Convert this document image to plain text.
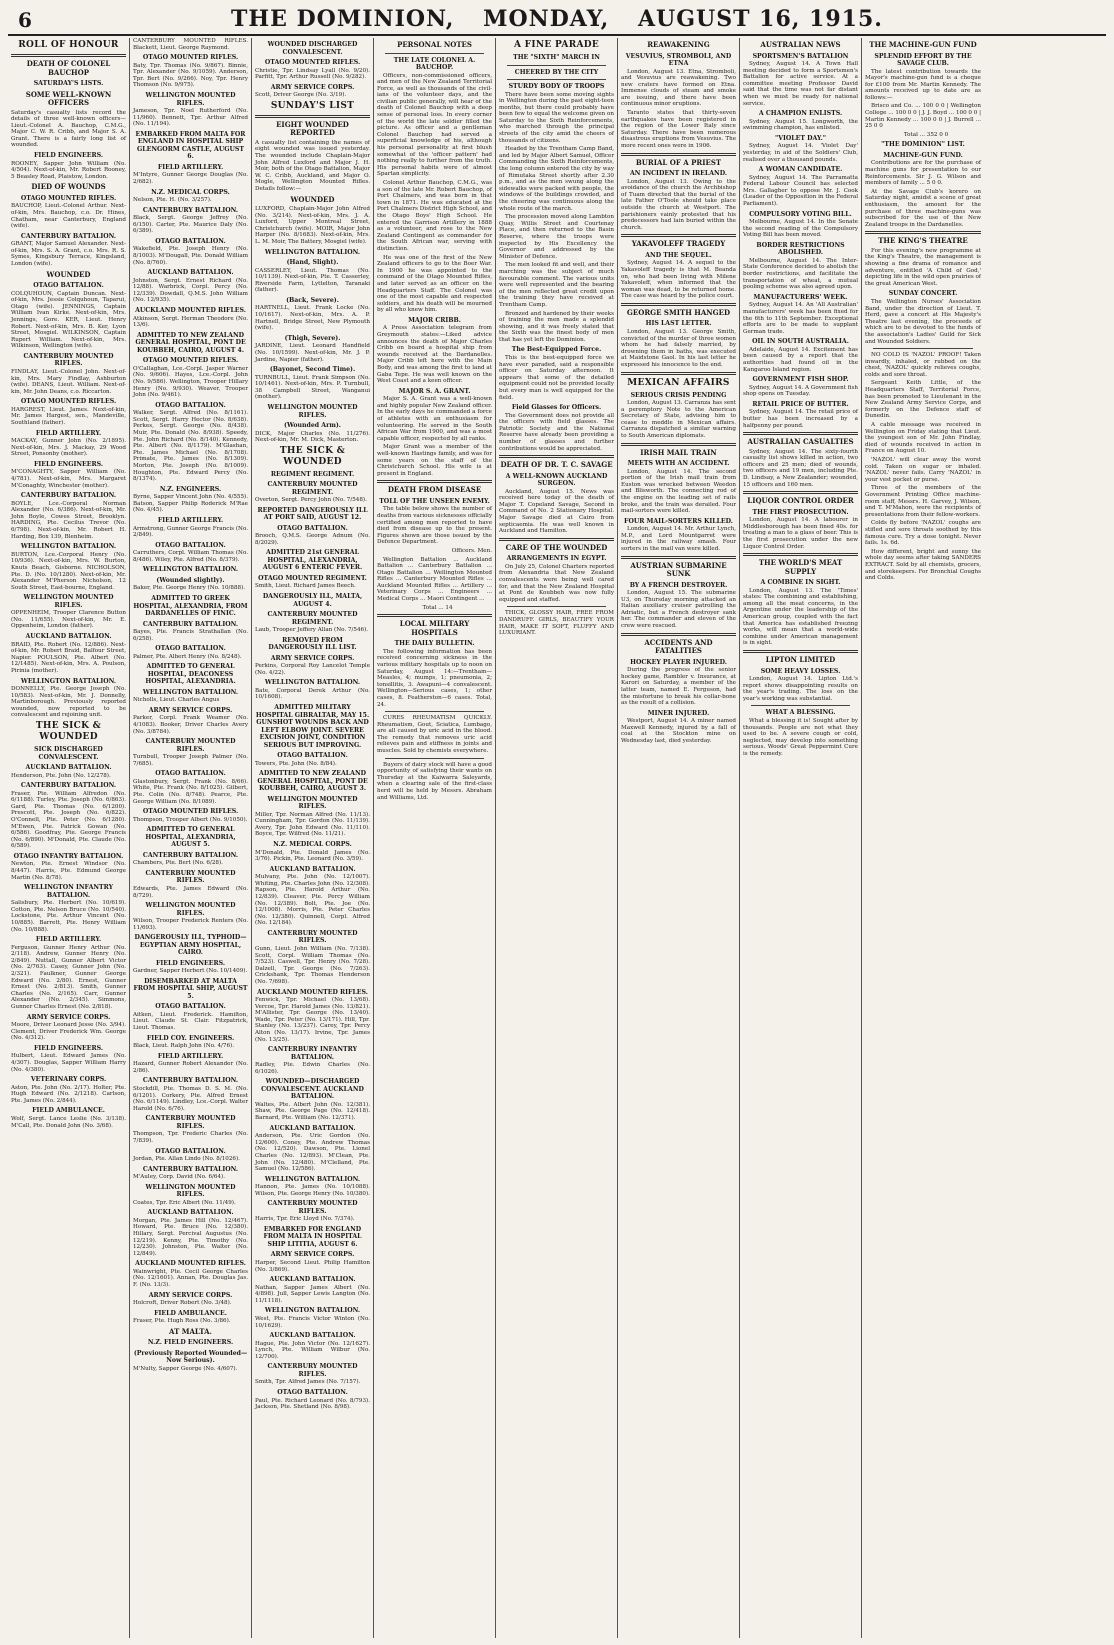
6	THE DOMINION, MONDAY, AUGUST 16, 1915.
ROLL OF HONOUR
DEATH OF COLONEL BAUCHOP
SATURDAY'S LISTS.
SOME WELL-KNOWN OFFICERS

Saturday's casualty lists record the details of three well-known officers—Lieut.-Colonel A. Bauchop, C.M.G., Major C. W. R. Cribb, and Major S. A. Grant. There is a fairly long list of wounded.

FIELD ENGINEERS.

ROONEY, Sapper John William (No. 4/504). Next-of-kin, Mr. Robert Rooney, 5 Beasley Road, Plaistow, London.

DIED OF WOUNDS
OTAGO MOUNTED RIFLES.

BAUCHOP, Lieut.-Colonel Arthur. Next-of-kin, Mrs. Bauchop, c.o. Dr. Hines, Chatham, near Canterbury, England (wife).

CANTERBURY BATTALION.

GRANT, Major Samuel Alexander. Next-of-kin, Mrs. S. A. Grant, c.o. Mrs. R. S. Symes, Kingsbury Terrace, Kingsland, London (wife).

WOUNDED
OTAGO BATTALION.

COLQUHOUN, Captain Duncan. Next-of-kin, Mrs. Jessie Colquhoun, Taparui, Otago (wife). JENNINGS, Captain William Ivan Kirke. Next-of-kin, Mrs. Jennings, Gore. KER, Lieut. Henry Robert. Next-of-kin, Mrs. B. Ker, Lyon Street, Mosgiel. WILKINSON, Captain Rupert William. Next-of-kin, Mrs. Wilkinson, Wellington (wife).

CANTERBURY MOUNTED RIFLES.

FINDLAY, Lieut.-Colonel John. Next-of-kin, Mrs. Mary Findlay, Ashburton (wife). DEANS, Lieut. William. Next-of-kin, Mr. John Deans, c.o. Riccarton.

OTAGO MOUNTED RIFLES.

HARGREST, Lieut. James. Next-of-kin, Mr. James Hargest, sen., Mandeville, Southland (father).

FIELD ARTILLERY.

MACKAY, Gunner John (No. 2/1895). Next-of-kin, Mrs. J. Mackay, 29 Wood Street, Ponsonby (mother).

FIELD ENGINEERS.

M'CONAGHTY, Sapper William (No. 4/781). Next-of-kin, Mrs. Margaret M'Conaghty, Winchester (mother).

CANTERBURY BATTALION.

BOYLE, Lce.-Corporal Norman Alexander (No. 6/386). Next-of-kin, Mr. John Boyle, Cowes Street, Brooklyn. HARDING, Pte. Cecilus Trevor (No. 6/798). Next-of-kin, Mr. Robert H. Harding, Box 139, Blenheim.

WELLINGTON BATTALION.

BURTON, Lce.-Corporal Henry (No. 10/936). Next-of-kin, Mrs. W. Burton, Knuts Beach, Gisborne. NICHOLSON, Pte. D. (No. 10/1280). Next-of-kin, Mr. Alexander M'Pherson Nicholson, 12 South Street, East-bourne, England.

WELLINGTON MOUNTED RIFLES.

OPPENHEIM, Trooper Clarence Button (No. 11/655). Next-of-kin, Mr. E. Oppenheim, London (father).

AUCKLAND BATTALION.

BRAID, Pte. Robert (No. 12/886). Next-of-kin, Mr. Robert Braid, Balfour Street, Napier. POULSON, Pte. Albert (No. 12/1485). Next-of-kin, Mrs. A. Poulson, Pirinia (mother).

WELLINGTON BATTALION.

DONNELLY, Pte. George Joseph (No. 10/583). Next-of-kin, Mr. J. Donnelly, Martinborough. Previously reported wounded, now reported to be convalescent and rejoining unit.

THE SICK & WOUNDED
SICK DISCHARGED CONVALESCENT.
AUCKLAND BATTALION.

Henderson, Pte. John (No. 12/278).

CANTERBURY BATTALION.

Fraser, Pte. William Alfredon (No. 6/1188). Turley, Pte. Joseph (No. 6/863). Gard, Pte. Thomas (No. 6/1200). Prescott, Pte. Joseph (No. 6/822). O'Connell, Pte. Peter (No. 6/1280). M'Ewen, Pte. Patrick Gowan (No. 6/586). Goodfray, Pte. George Francis (No. 6/890). M'Donald, Pte. Claude (No. 6/589).

OTAGO INFANTRY BATTALION.

Newton, Pte. Ernest Windsor (No. 8/447). Harris, Pte. Edmund George Martin (No. 8/78).

WELLINGTON INFANTRY BATTALION.

Salisbury, Pte. Herbert (No. 10/619). Cotton, Pte. Nelson Bruce (No. 10/540). Lockstone, Pte. Arthur Vincent (No. 10/885). Barrett, Pte. Henry William (No. 10/888).

FIELD ARTILLERY.

Ferguson, Gunner Henry Arthur (No. 2/118). Andrew, Gunner Henry (No. 2/849). Nuttall, Gunner Albert Victor (No. 2/763). Casey, Gunner John (No. 2/321). Faulkner, Gunner George Edward (No. 2/80). Ernest, Gunner Ernest (No. 2/813). Smith, Gunner Charles (No. 2/165). Carr, Gunner Alexander (No. 2/345). Simmons, Gunner Charles Ernest (No. 2/818).

ARMY SERVICE CORPS.

Moore, Driver Leonard Jesse (No. 3/94). Clement, Driver Frederick Wm. George (No. 4/312).

FIELD ENGINEERS.

Hulbert, Lieut. Edward James (No. 4/307). Douglas, Sapper William Harry (No. 4/380).

VETERINARY CORPS.

Aston, Pte. John (No. 2/17). Holter, Pte. Hugh Edward (No. 2/1218). Carlson, Pte. James (No. 2/844).

FIELD AMBULANCE.

Wolf, Sergt. Lance Leslie (No. 3/138). M'Call, Pte. Donald John (No. 3/68).

CANTERBURY MOUNTED RIFLES. Blackett, Lieut. George Raymond.

OTAGO MOUNTED RIFLES.

Baty, Tpr. Thomas (No. 9/867). Binnie, Tpr. Alexander (No. 9/1059). Anderson, Tpr. Bert (No. 9/266). Noy, Tpr. Henry Thomson (No. 9/975).

WELLINGTON MOUNTED RIFLES.

Jameson, Tpr. Noel Rutherford (No. 11/960). Bennett, Tpr. Arthur Alfred (No. 11/194).

EMBARKED FROM MALTA FOR ENGLAND IN HOSPITAL SHIP GLENGORM CASTLE, AUGUST 6.
FIELD ARTILLERY.

M'Intyre, Gunner George Douglas (No. 2/682).

N.Z. MEDICAL CORPS.

Nelson, Pte. H. (No. 3/257).

CANTERBURY BATTALION.

Black, Sergt. George Jeffrey (No. 6/150). Carter, Pte. Maurice Daly (No. 6/389).

OTAGO BATTALION.

Wakefield, Pte. Joseph Henry (No. 8/1003). M'Dougall, Pte. Donald William (No. 8/760).

AUCKLAND BATTALION.

Johnston, Sergt. Ernest Richard (No. 12/88). Warbrick, Corpl. Percy (No. 12/339). Dowdall, Q.M.S. John William (No. 12/935).

AUCKLAND MOUNTED RIFLES.

Atkinson, Sergt. Herman Theodore (No. 13/6).

ADMITTED TO NEW ZEALAND GENERAL HOSPITAL, PONT DE KOUBBEH, CAIRO, AUGUST 4.
OTAGO MOUNTED RIFLES.

O'Callaghan, Lce.-Corpl. Jasper Warner (No. 9/606). Hayes, Lce.-Corpl. John (No. 9/586). Wellington, Trooper Hillary Henry (No. 9/930). Weaver, Trooper John (No. 9/461).

OTAGO BATTALION.

Walker, Sergt. Alfred (No. 8/1161). Scott, Sergt. Harry Hector (No. 8/638). Perkes, Sergt. George (No. 8/438). Muir, Pte. Donald (No. 8/938). Speedy, Pte. John Richard (No. 8/140). Kennedy, Pte. Albert (No. 8/1179). M'Glashan, Pte. James Michael (No. 8/1708). Primate, Pte. James (No. 8/1309). Morton, Pte. Joseph (No. 8/1009). Houghton, Pte. Edward Percy (No. 8/1374).

N.Z. ENGINEERS.

Byrne, Sapper Vincent John (No. 4/555). Batson, Sapper Philip Roderick M'Rae (No. 4/45).

FIELD ARTILLERY.

Armstrong, Gunner George Francis (No. 2/849).

OTAGO BATTALION.

Carruthers, Corpl. William Thomas (No. 8/486). Wiley, Pte. Alfred (No. 8/379).

WELLINGTON BATTALION.
(Wounded slightly).

Baker, Pte. George Henry (No. 10/888).

ADMITTED TO GREEK HOSPITAL, ALEXANDRIA, FROM DARDANELLES OF FINIC.
CANTERBURY BATTALION.

Bayes, Pte. Francis Strathallan (No. 6/258).

OTAGO BATTALION.

Palmer, Pte. Albert Henry (No. 8/248).

ADMITTED TO GENERAL HOSPITAL, DEACONESS HOSPITAL, ALEXANDRIA.
WELLINGTON BATTALION.

Nicholls, Lieut. Charles Angus

ARMY SERVICE CORPS.

Parker, Corpl. Frank Weamer (No. 4/1083). Booker, Driver Charles Avery (No. 3/8784).

CANTERBURY MOUNTED RIFLES.

Turnbull, Trooper Joseph Palmer (No. 7/685).

OTAGO BATTALION.

Glastonbury, Sergt. Frank (No. 8/66). White, Pte. Frank (No. 8/1025). Gilbert, Pte. Colin (No. 8/748). Pearce, Pte. George William (No. 8/1089).

OTAGO MOUNTED RIFLES.

Thompson, Trooper Albert (No. 9/1050).

ADMITTED TO GENERAL HOSPITAL, ALEXANDRIA, AUGUST 5.
CANTERBURY BATTALION.

Chambers, Pte. Bert (No. 6/28).

CANTERBURY MOUNTED RIFLES.

Edwards, Pte. James Edward (No. 8/729).

WELLINGTON MOUNTED RIFLES.

Wilson, Trooper Frederick Renters (No. 11/693).

DANGEROUSLY ILL, TYPHOID—EGYPTIAN ARMY HOSPITAL, CAIRO.
FIELD ENGINEERS.

Gardner, Sapper Herbert (No. 10/1409).

DISEMBARKED AT MALTA FROM HOSPITAL SHIP, AUGUST 5.
OTAGO BATTALION.

Aitken, Lieut. Frederick. Hamilton, Lieut. Claude St. Clair. Fitzpatrick, Lieut. Thomas.

FIELD COY. ENGINEERS.

Black, Lieut. Ralph John (No. 4/76).

FIELD ARTILLERY.

Hazard, Gunner Robert Alexander (No. 2/86).

CANTERBURY BATTALION.

Stockdill, Pte. Thomas D. S. M. (No. 6/1201). Corkery, Pte. Alfred Ernest (No. 6/1149). Lindley, Lce.-Corpl. Walter Harold (No. 6/76).

CANTERBURY MOUNTED RIFLES.

Thompson, Tpr. Frederic Charles (No. 7/839).

OTAGO BATTALION.

Jordan, Pte. Allan Lindo (No. 8/1026).

CANTERBURY BATTALION.

M'Auley, Corp. David (No. 6/64).

WELLINGTON MOUNTED RIFLES.

Coates, Tpr. Eric Albert (No. 11/49).

AUCKLAND BATTALION.

Morgan, Pte. James Hill (No. 12/467). Howard, Pte. Bruce (No. 12/380). Hillary, Sergt. Percival Augustus (No. 12/219). Kenny, Pte. Timothy (No. 12/230). Johnston, Pte. Walter (No. 12/849).

AUCKLAND MOUNTED RIFLES.

Wainwright, Pte. Cecil George Charles (No. 12/1601). Annan, Pte. Douglas Jas. F. (No. 13/3).

ARMY SERVICE CORPS.

Holcroft, Driver Robert (No. 3/48).

FIELD AMBULANCE.

Fraser, Pte. Hugh Ross (No. 3/86).

AT MALTA.
N.Z. FIELD ENGINEERS.
(Previously Reported Wounded—Now Serious).

M'Nulty, Sapper George (No. 4/607).

WOUNDED DISCHARGED CONVALESCENT.
OTAGO MOUNTED RIFLES.

Christie, Tpr. Lindsay Lyall (No. 9/20). Parfitt, Tpr. Arthur Russell (No. 9/282).

ARMY SERVICE CORPS.

Scott, Driver George (No. 3/19).

SUNDAY'S LIST
EIGHT WOUNDED REPORTED

A casualty list containing the names of eight wounded was issued yesterday. The wounded include Chaplain-Major John Alfred Luxford and Major J. H. Moir, both of the Otago Battalion, Major W. C. Cribb, Auckland, and Major O. Mogle, Wellington Mounted Rifles. Details follow:—

WOUNDED

LUXFORD, Chaplain-Major John Alfred (No. 3/214). Next-of-kin, Mrs. J. A. Luxford, Upper Montreal Street, Christchurch (wife). MOIR, Major John Harper (No. 8/1683). Next-of-kin, Mrs. L. M. Moir, The Battery, Mosgiel (wife).

WELLINGTON BATTALION.
(Hand, Slight).

CASSERLEY, Lieut. Thomas (No. 10/1139). Next-of-kin, Pte. T. Casserley, Riverside Farm, Lyttelton, Taranaki (father).

(Back, Severe).

HARTNELL, Lieut. Frank Locke (No. 10/1617). Next-of-kin, Mrs. A. P. Hartnell, Bridge Street, New Plymouth (wife).

(Thigh, Severe).

JARDINE, Lieut. Leonard Handfield (No. 10/1599). Next-of-kin, Mr. J. P. Jardine, Napier (father).

(Bayonet, Second Time).

TURNBULL, Lieut. Frank Simpson (No. 10/1461). Next-of-kin, Mrs. P. Turnbull, 38 Campbell Street, Wanganui (mother).

WELLINGTON MOUNTED RIFLES.
(Wounded Arm).

DICK, Major Charles (No. 11/276). Next-of-kin, Mr. M. Dick, Masterton.

THE SICK & WOUNDED
REGIMENT REGIMENT.
CANTERBURY MOUNTED REGIMENT.

Overton, Sergt. Percy John (No. 7/548).

REPORTED DANGEROUSLY ILL AT PORT SAID, AUGUST 12.
OTAGO BATTALION.

Brooch, Q.M.S. George Adnum (No. 8/2029).

ADMITTED 21st GENERAL HOSPITAL, ALEXANDRIA, AUGUST 6 ENTERIC FEVER.
OTAGO MOUNTED REGIMENT.

Smith, Lieut. Richard James Beech.

DANGEROUSLY ILL, MALTA, AUGUST 4.
CANTERBURY MOUNTED REGIMENT.

Laub, Trooper Jeffery Allan (No. 7/546).

REMOVED FROM DANGEROUSLY ILL LIST.
ARMY SERVICE CORPS.

Perkins, Corporal Roy Lancelot Temple (No. 4/22).

WELLINGTON BATTALION.

Bate, Corporal Derek Arthur (No. 10/1608).

ADMITTED MILITARY HOSPITAL GIBRALTAR, MAY 15. GUNSHOT WOUNDS BACK AND LEFT ELBOW JOINT. SEVERE EXCISION JOINT, CONDITION SERIOUS BUT IMPROVING.
OTAGO BATTALION.

Towers, Pte. John (No. 8/84).

ADMITTED TO NEW ZEALAND GENERAL HOSPITAL, PONT DE KOUBBEH, CAIRO, AUGUST 3.
WELLINGTON MOUNTED RIFLES.

Miller, Tpr. Norman Alfred (No. 11/13). Cunningham, Tpr. Gordon (No. 11/139). Avery, Tpr. John Edward (No. 11/110). Boyce, Tpr. Wilfred (No. 11/21).

N.Z. MEDICAL CORPS.

M'Donald, Pte. Donald James (No. 3/76). Pickin, Pte. Leonard (No. 3/59).

AUCKLAND BATTALION.

Mulvany, Pte. John (No. 12/1007). Whiting, Pte. Charles John (No. 12/308). Rapson, Pte. Harold Arthur (No. 12/839). Cleaver, Pte. Percy William (No. 12/389). Bolt, Pte. Joe (No. 12/1008). Morris, Pte. Peter Charles (No. 12/380). Quinnell, Corpl. Alfred (No. 12/184).

CANTERBURY MOUNTED RIFLES.

Gunn, Lieut. John William (No. 7/138). Scott, Corpl. William Thomas (No. 7/523). Caswell, Tpr. Henry (No. 7/28). Dalzell, Tpr. George (No. 7/263). Crickshank, Tpr. Thomas Henderson (No. 7/698).

AUCKLAND MOUNTED RIFLES.

Fenwick, Tpr. Michael (No. 13/68). Vercoe, Tpr. Harold James (No. 13/821). M'Allister, Tpr. George (No. 13/40). Wade, Tpr. Peter (No. 13/171). Hill, Tpr. Stanley (No. 13/237). Carey, Tpr. Percy Alton (No. 13/17). Irvine, Tpr. James (No. 13/25).

CANTERBURY INFANTRY BATTALION.

Radley, Pte. Edwin Charles (No. 6/1026).

WOUNDED—DISCHARGED CONVALESCENT. AUCKLAND BATTALION.

Waltes, Pte. Albert John (No. 12/381). Shaw, Pte. George Page (No. 12/418). Barnard, Pte. William (No. 12/371).

AUCKLAND BATTALION.

Anderson, Pte. Uric Gordon (No. 12/600). Coney, Pte. Andrew Thomas (No. 12/520). Dawson, Pte. Lionel Charles (No. 12/893). M'Clean, Pte. John (No. 12/480). M'Clelland, Pte. Samuel (No. 12/586).

WELLINGTON BATTALION.

Hannon, Pte. James (No. 10/1088). Wilson, Pte. George Henry (No. 10/380).

CANTERBURY MOUNTED RIFLES.

Harris, Tpr. Eric Lloyd (No. 7/374).

EMBARKED FOR ENGLAND FROM MALTA IN HOSPITAL SHIP LITITIA, AUGUST 6.
ARMY SERVICE CORPS.

Harper, Second Lieut. Philip Hamilton (No. 3/869).

AUCKLAND BATTALION.

Nathan, Sapper James Albert (No. 4/898). Jull, Sapper Lewis Langton (No. 11/1118).

WELLINGTON BATTALION.

West, Pte. Francis Victor Winton (No. 10/1629).

AUCKLAND BATTALION.

Hague, Pte. John Victor (No. 12/1627). Lynch, Pte. William Wilbur (No. 12/700).

CANTERBURY MOUNTED RIFLES.

Smith, Tpr. Alfred James (No. 7/157).

OTAGO BATTALION.

Paul, Pte. Richard Leonard (No. 8/793). Jackson, Pte. Shetland (No. 8/98).

PERSONAL NOTES
THE LATE COLONEL A. BAUCHOP.

Officers, non-commissioned officers, and men of the New Zealand Territorial Force, as well as thousands of the civil-ians of the volunteer days, and the civilian public generally, will hear of the death of Colonel Bauchop with a deep sense of personal loss. In every corner of the world the late soldier filled the picture. As officer and a gentleman Colonel Bauchop had served a superficial knowledge of his, although his personal personality at first blush somewhat of the 'officer pattern' had nothing really to further from the truth. His personal habits were of almost Spartan simplicity.

Colonel Arthur Bauchop, C.M.G., was a son of the late Mr. Robert Bauchop, of Port Chalmers, and was born in that town in 1871. He was educated at the Port Chalmers District High School, and the Otago Boys' High School. He entered the Garrison Artillery in 1888 as a volunteer, and rose to the New Zealand Contingent as commander for the South African war, serving with distinction.

He was one of the first of the New Zealand officers to go to the Boer War. In 1900 he was appointed to the command of the Otago Mounted Rifles, and later served as an officer on the Headquarters Staff. The Colonel was one of the most capable and respected soldiers, and his death will be mourned by all who knew him.

MAJOR CRIBB.

A Press Association telegram from Greymouth states:—Liked advice announces the death of Major Charles Cribb on board a hospital ship from wounds received at the Dardanelles. Major Cribb left here with the Main Body, and was among the first to land at Gaba Tepe. He was well known on the West Coast and a keen officer.

MAJOR S. A. GRANT.

Major S. A. Grant was a well-known and highly popular New Zealand officer. In the early days he commanded a force of athletes with an enthusiasm for volunteering. He served in the South African War from 1900, and was a most capable officer, respected by all ranks.

Major Grant was a member of the well-known Hastings family, and was for some years on the staff of the Christchurch School. His wife is at present in England.

DEATH FROM DISEASE
TOLL OF THE UNSEEN ENEMY.

The table below shows the number of deaths from various sicknesses officially certified among men reported to have died from disease up to the present. Figures shown are those issued by the Defence Department.

Officers. Men.

Wellington Battalion ... Auckland Battalion ... Canterbury Battalion ... Otago Battalion ... Wellington Mounted Rifles ... Canterbury Mounted Rifles ... Auckland Mounted Rifles ... Artillery ... Veterinary Corps ... Engineers ... Medical Corps ... Maori Contingent ...

Total ... 14

LOCAL MILITARY HOSPITALS
THE DAILY BULLETIN.

The following information has been received concerning sickness in the various military hospitals up to noon on Saturday, August 14:—Trentham—Measles, 4; mumps, 1; pneumonia, 2; tonsillitis, 3. Awapuni—4 convalescent. Wellington—Serious cases, 1; other cases, 8. Featherston—6 cases. Total, 24.

CURES RHEUMATISM QUICKLY. Rheumatism, Gout, Sciatica, Lumbago, are all caused by uric acid in the blood. The remedy that removes uric acid relieves pain and stiffness in joints and muscles. Sold by chemists everywhere.

Buyers of dairy stock will have a good opportunity of satisfying their wants on Thursday at the Kaiwarra Saleyards, when a clearing sale of the first-class herd will be held by Messrs. Abraham and Williams, Ltd.

A FINE PARADE
THE "SIXTH" MARCH IN
CHEERED BY THE CITY
STURDY BODY OF TROOPS

There have been some moving sights in Wellington during the past eight-teen months, but there could probably have been few to equal the welcome given on Saturday to the Sixth Reinforcements, who marched through the principal streets of the city amid the cheers of thousands of citizens.

Headed by the Trentham Camp Band, and led by Major Albert Samuel, Officer Commanding the Sixth Reinforcements, the long column entered the city by way of Rimutaka Street shortly after 2.30 p.m., and as the men swung along the sidewalks were packed with people, the windows of the buildings crowded, and the cheering was continuous along the whole route of the march.

The procession moved along Lambton Quay, Willis Street and Courtenay Place, and then returned to the Basin Reserve, where the troops were inspected by His Excellency the Governor and addressed by the Minister of Defence.

The men looked fit and well, and their marching was the subject of much favourable comment. The various units were well represented and the bearing of the men reflected great credit upon the training they have received at Trentham Camp.

Bronzed and hardened by their weeks of training the men made a splendid showing, and it was freely stated that the Sixth was the finest body of men that has yet left the Dominion.

The Best-Equipped Force.

This is the best-equipped force we have ever paraded, said a responsible officer on Saturday afternoon. It appears that some of the detailed equipment could not be provided locally but every man is well equipped for the field.

Field Glasses for Officers.

The Government does not provide all the officers with field glasses. The Patriotic Society and the National Reserve have already been providing a number of glasses and further contributions would be appreciated.

DEATH OF DR. T. C. SAVAGE
A WELL-KNOWN AUCKLAND SURGEON.

Auckland, August 15. News was received here today of the death of Major T. Copeland Savage, Second in Command of No. 2 Stationary Hospital. Major Savage died at Cairo from septicaemia. He was well known in Auckland and Hamilton.

CARE OF THE WOUNDED
ARRANGEMENTS IN EGYPT.

On July 25, Colonel Charters reported from Alexandria that New Zealand convalescents were being well cared for, and that the New Zealand Hospital at Pont de Koubbeh was now fully equipped and staffed.

THICK, GLOSSY HAIR, FREE FROM DANDRUFF. GIRLS, BEAUTIFY YOUR HAIR, MAKE IT SOFT, FLUFFY AND LUXURIANT.

REAWAKENING
VESUVIUS, STROMBOLI, AND ETNA

London, August 13. Etna, Stromboli, and Vesuvius are reawakening. Two new craters have formed on Etna. Immense clouds of steam and smoke are issuing, and there have been continuous minor eruptions.

Taranto states that thirty-seven earthquakes have been registered in the region of the Lower Italy since Saturday. There have been numerous disastrous eruptions from Vesuvius. The more recent ones were in 1906.

BURIAL OF A PRIEST
AN INCIDENT IN IRELAND.

London, August 13. Owing to the avoidance of the church the Archbishop of Tuam directed that the burial of the late Father O'Toole should take place outside the church at Westport. The parishioners vainly protested that his predecessors had lain buried within the church.

YAKAVOLEFF TRAGEDY
AND THE SEQUEL.

Sydney, August 14. A sequel to the Yakavoleff tragedy is that M. Beanda on, who had been living with Milene Yakavoleff, when informed that the woman was dead, to be returned home. The case was heard by the police court.

GEORGE SMITH HANGED
HIS LAST LETTER.

London, August 13. George Smith, convicted of the murder of three women whom he had falsely married, by drowning them in baths, was executed at Maidstone Gaol. In his last letter he expressed his innocence to the end.

MEXICAN AFFAIRS
SERIOUS CRISIS PENDING

London, August 13. Carranza has sent a peremptory Note to the American Secretary of State, advising him to cease to meddle in Mexican affairs. Carranza dispatched a similar warning to South American diplomats.

IRISH MAIL TRAIN
MEETS WITH AN ACCIDENT.

London, August 14. The second portion of the Irish mail train from Euston was wrecked between Weedon and Blisworth. The connecting rod of the engine on the leading set of rails broke, and the train was derailed. Four mail-sorters were killed.

FOUR MAIL-SORTERS KILLED.

London, August 14. Mr. Arthur Lynch, M.P., and Lord Mountgarret were injured in the railway smash. Four sorters in the mail van were killed.

AUSTRIAN SUBMARINE SUNK
BY A FRENCH DESTROYER.

London, August 15. The submarine U3, on Thursday morning attacked an Italian auxiliary cruiser patrolling the Adriatic, but a French destroyer sank her. The commander and eleven of the crew were rescued.

ACCIDENTS AND FATALITIES
HOCKEY PLAYER INJURED.

During the progress of the senior hockey game, Rambler v. Insurance, at Karori on Saturday, a member of the latter team, named E. Ferguson, had the misfortune to break his collar-bone as the result of a collision.

MINER INJURED.

Westport, August 14. A miner named Maxwell Kennedy, injured by a fall of coal at the Stockton mine on Wednesday last, died yesterday.

AUSTRALIAN NEWS
SPORTSMEN'S BATTALION

Sydney, August 14. A Town Hall meeting decided to form a Sportsmen's Battalion for active service. At a committee meeting Professor David said that the time was not far distant when we must be ready for national service.

A CHAMPION ENLISTS.

Sydney, August 15. Longworth, the swimming champion, has enlisted.

"VIOLET DAY."

Sydney, August 14. 'Violet Day' yesterday, in aid of the Soldiers' Club, realised over a thousand pounds.

A WOMAN CANDIDATE.

Sydney, August 14. The Parramatta Federal Labour Council has selected Mrs. Gallagher to oppose Mr. J. Cook (Leader of the Opposition in the Federal Parliament).

COMPULSORY VOTING BILL.

Melbourne, August 14. In the Senate the second reading of the Compulsory Voting Bill has been moved.

BORDER RESTRICTIONS ABOLISHED.

Melbourne, August 14. The Inter-State Conference decided to abolish the border restrictions, and facilitate the transportation of wheat, a mutual pooling scheme was also agreed upon.

MANUFACTURERS' WEEK.

Sydney, August 14. An 'All Australian' manufacturers' week has been fixed for the 6th to 11th September. Exceptional efforts are to be made to supplant German trade.

OIL IN SOUTH AUSTRALIA.

Adelaide, August 14. Excitement has been caused by a report that the authorities had found oil in the Kangaroo Island region.

GOVERNMENT FISH SHOP.

Sydney, August 14. A Government fish shop opens on Tuesday.

RETAIL PRICE OF BUTTER.

Sydney, August 14. The retail price of butter has been increased by a halfpenny per pound.

AUSTRALIAN CASUALTIES

Sydney, August 14. The sixty-fourth casualty list shows killed in action, two officers and 25 men; died of wounds, two officers and 19 men, including Pte. D. Lindsay, a New Zealander; wounded, 15 officers and 160 men.

LIQUOR CONTROL ORDER
THE FIRST PROSECUTION.

London, August 14. A labourer in Middlesborough has been fined 40s. for treating a man to a glass of beer. This is the first prosecution under the new Liquor Control Order.

THE WORLD'S MEAT SUPPLY
A COMBINE IN SIGHT.

London, August 13. The 'Times' states: The combining and establishing, among all the meat concerns, in the Argentine under the leadership of the American group, coupled with the fact that America has established freezing works, will mean that a world-wide combine under American management is in sight.

LIPTON LIMITED
SOME HEAVY LOSSES.

London, August 14. Lipton Ltd.'s report shows disappointing results on the year's trading. The loss on the year's working was substantial.

WHAT A BLESSING.

What a blessing it is! Sought after by thousands. People are not what they used to be. A severe cough or cold, neglected, may develop into something serious. Woods' Great Peppermint Cure is the remedy.

THE MACHINE-GUN FUND
SPLENDID EFFORT BY THE SAVAGE CLUB.

The latest contribution towards the Mayor's machine-gun fund is a cheque for £100 from Mr. Martin Kennedy. The amounts received up to date are as follows:—

Brisco and Co. ... 100 0 0 | Wellington College ... 100 0 0 | J. J. Boyd ... 100 0 0 | Martin Kennedy ... 100 0 0 | J. Burrell ... 25 0 0

Total ... 352 0 0

"THE DOMINION" LIST.
MACHINE-GUN FUND.

Contributions are for the purchase of machine guns for presentation to our Reinforcements. Sir J. G. Wilson and members of family ... 5 0 0.

At the Savage Club's korero on Saturday night, amidst a scene of great enthusiasm, the amount for the purchase of three machine-guns was subscribed for the use of the New Zealand troops in the Dardanelles.

THE KING'S THEATRE

For this evening's new programme at the King's Theatre, the management is showing a fine drama of romance and adventure, entitled 'A Child of God,' depicting life in the wild open prairies of the great American West.

SUNDAY CONCERT.

The Wellington Nurses' Association Band, under the direction of Lieut. T. Herd, gave a concert at His Majesty's Theatre last evening, the proceeds of which are to be devoted to the funds of the association's Ladies' Guild for Sick and Wounded Soldiers.

NO COLD IS 'NAZOL' PROOF! Taken inwardly, inhaled, or rubbed on the chest, 'NAZOL' quickly relieves coughs, colds and sore throat.

Sergeant Keith Little, of the Headquarters Staff, Territorial Force, has been promoted to Lieutenant in the New Zealand Army Service Corps, and formerly on the Defence staff of Dunedin.

A cable message was received in Wellington on Friday stating that Lieut. the youngest son of Mr. John Findlay, died of wounds received in action in France on August 10.

'NAZOL' will clear away the worst cold. Taken on sugar or inhaled. 'NAZOL' never fails. Carry 'NAZOL' in your vest pocket or purse.

Three of the members of the Government Printing Office machine-room staff, Messrs. H. Garvey, J. Wilson, and T. M'Mahon, were the recipients of presentations from their fellow-workers.

Colds fly before 'NAZOL' coughs are stifled and sore throats soothed by this famous cure. Try a dose tonight. Never fails. 1s. 6d.

How different, bright and sunny the whole day seems after taking SANDERS EXTRACT. Sold by all chemists, grocers, and storekeepers. For Bronchial Coughs and Colds.
